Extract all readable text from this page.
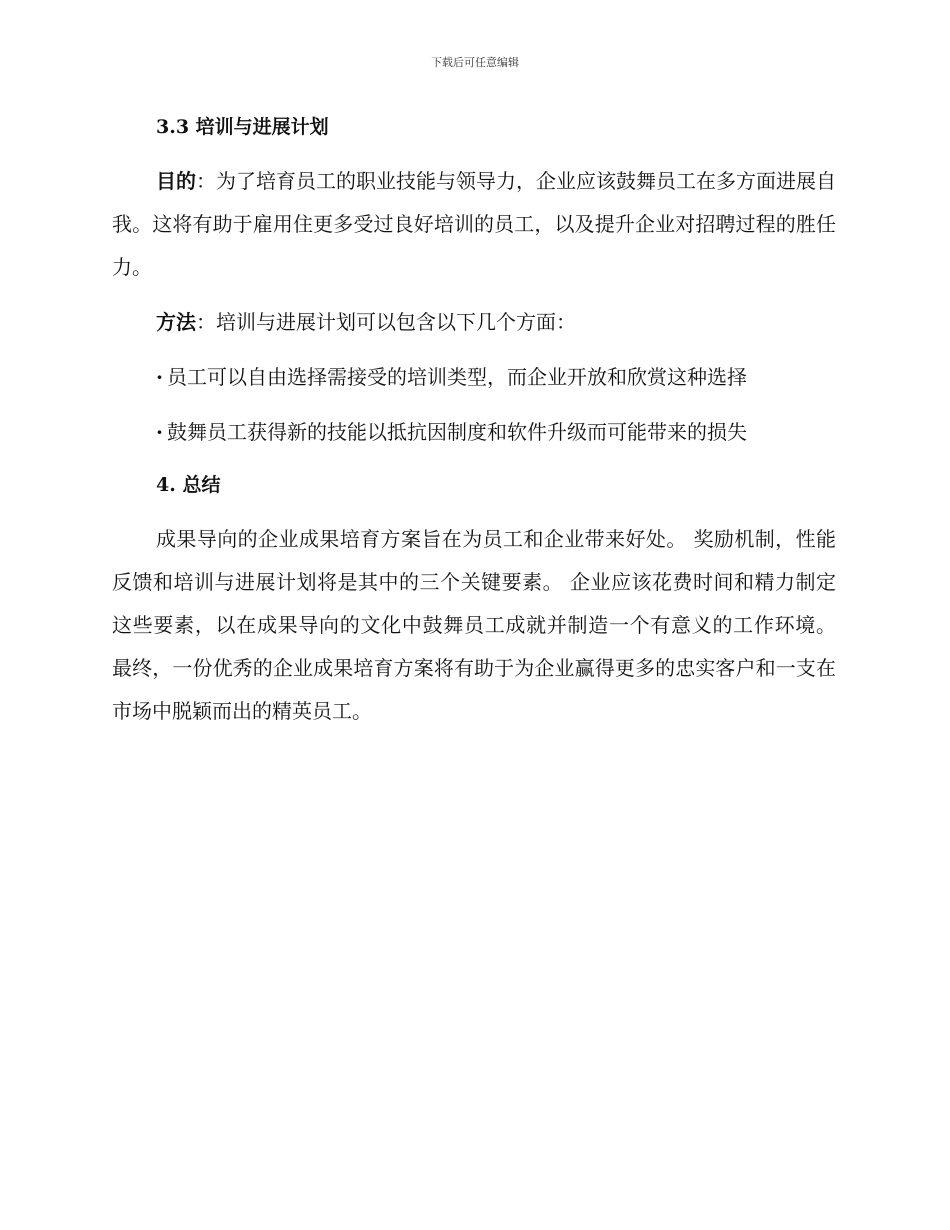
下载后可任意编辑
3.3 培训与进展计划

目的：为了培育员工的职业技能与领导力，企业应该鼓舞员工在多方面进展自我。这将有助于雇用住更多受过良好培训的员工，以及提升企业对招聘过程的胜任力。

方法：培训与进展计划可以包含以下几个方面：

· 员工可以自由选择需接受的培训类型，而企业开放和欣赏这种选择
· 鼓舞员工获得新的技能以抵抗因制度和软件升级而可能带来的损失
4. 总结

成果导向的企业成果培育方案旨在为员工和企业带来好处。 奖励机制，性能反馈和培训与进展计划将是其中的三个关键要素。 企业应该花费时间和精力制定这些要素，以在成果导向的文化中鼓舞员工成就并制造一个有意义的工作环境。 最终，一份优秀的企业成果培育方案将有助于为企业赢得更多的忠实客户和一支在市场中脱颖而出的精英员工。
